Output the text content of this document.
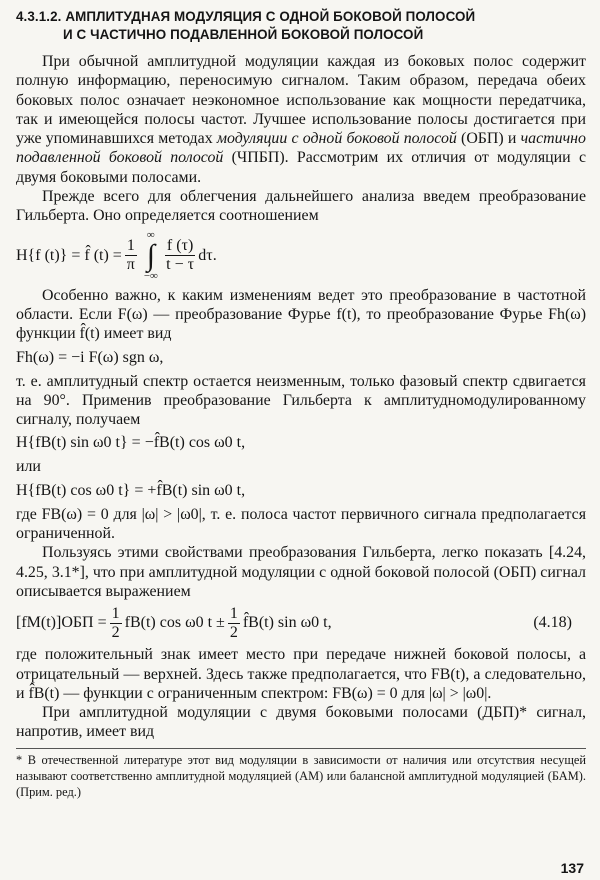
4.3.1.2. АМПЛИТУДНАЯ МОДУЛЯЦИЯ С ОДНОЙ БОКОВОЙ ПОЛОСОЙ
И С ЧАСТИЧНО ПОДАВЛЕННОЙ БОКОВОЙ ПОЛОСОЙ

При обычной амплитудной модуляции каждая из боковых полос содержит полную информацию, переносимую сигналом. Таким образом, передача обеих боковых полос означает неэкономное использование как мощности передатчика, так и имеющейся полосы частот. Лучшее использование полосы достигается при уже упоминавшихся методах модуляции с одной боковой полосой (ОБП) и частично подавленной боковой полосой (ЧПБП). Рассмотрим их отличия от модуляции с двумя боковыми полосами.

Прежде всего для облегчения дальнейшего анализа введем преобразование Гильберта. Оно определяется соотношением

H{f (t)} = f̂ $(t) = \frac{1}{\pi}$
∞
∫
−∞
$\frac{f (\tau)}{t - \tau} d\tau$.

Особенно важно, к каким изменениям ведет это преобразование в частотной области. Если F(ω) — преобразование Фурье f(t), то преобразование Фурье Fh(ω) функции f̂(t) имеет вид

Fh(ω) = −i F(ω) sgn ω,

т. е. амплитудный спектр остается неизменным, только фазовый спектр сдвигается на 90°. Применив преобразование Гильберта к амплитудномодулированному сигналу, получаем

H{fB(t) sin ω0 t} = −f̂B(t) cos ω0 t,

или

H{fB(t) cos ω0 t} = +f̂B(t) sin ω0 t,

где FB(ω) = 0 для |ω| > |ω0|, т. е. полоса частот первичного сигнала предполагается ограниченной.

Пользуясь этими свойствами преобразования Гильберта, легко показать [4.24, 4.25, 3.1*], что при амплитудной модуляции с одной боковой полосой (ОБП) сигнал описывается выражением

$[fM(t)]ОБП = \frac{1}{2} fB(t)$ cos ω0 $t \pm \frac{1}{2}$ f̂B(t) sin ω0 t,	(4.18)

где положительный знак имеет место при передаче нижней боковой полосы, а отрицательный — верхней. Здесь также предполагается, что FB(t), а следовательно, и f̂B(t) — функции с ограниченным спектром: FB(ω) = 0 для |ω| > |ω0|.

При амплитудной модуляции с двумя боковыми полосами (ДБП)* сигнал, напротив, имеет вид

* В отечественной литературе этот вид модуляции в зависимости от наличия или отсутствия несущей называют соответственно амплитудной модуляцией (АМ) или балансной амплитудной модуляцией (БАМ). (Прим. ред.)
137
